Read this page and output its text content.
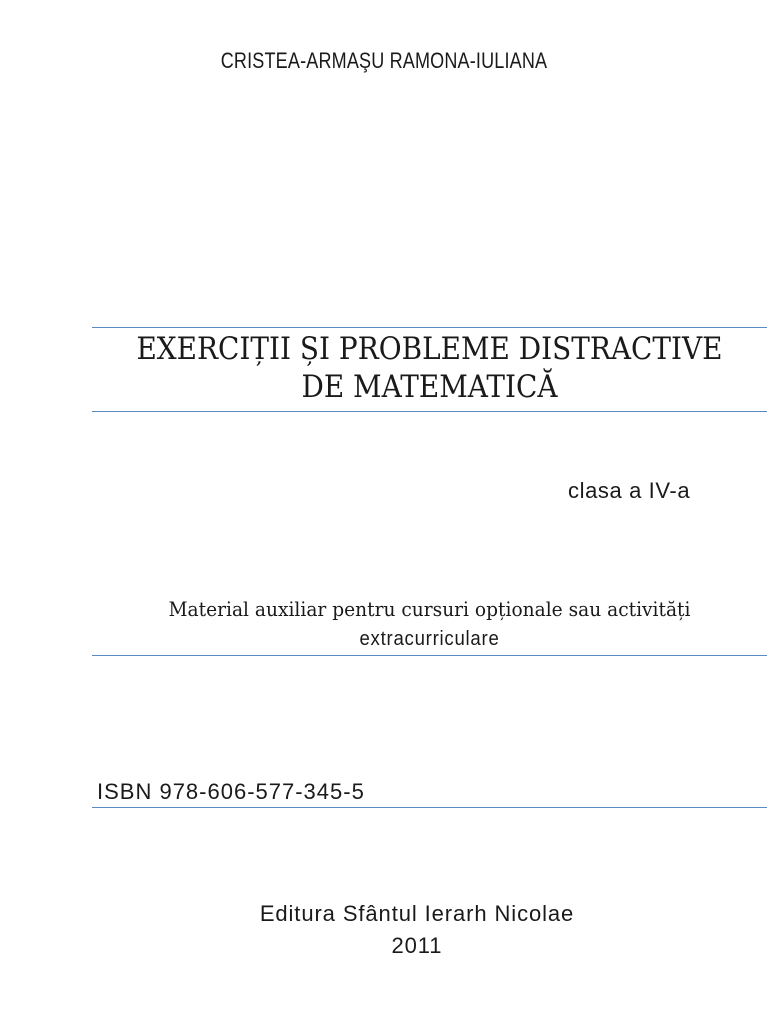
CRISTEA-ARMAŞU RAMONA-IULIANA
EXERCIȚII ȘI PROBLEME DISTRACTIVE
DE MATEMATICĂ
clasa a IV-a
Material auxiliar pentru cursuri opționale sau activități
extracurriculare
ISBN 978-606-577-345-5
Editura Sfântul Ierarh Nicolae
2011
